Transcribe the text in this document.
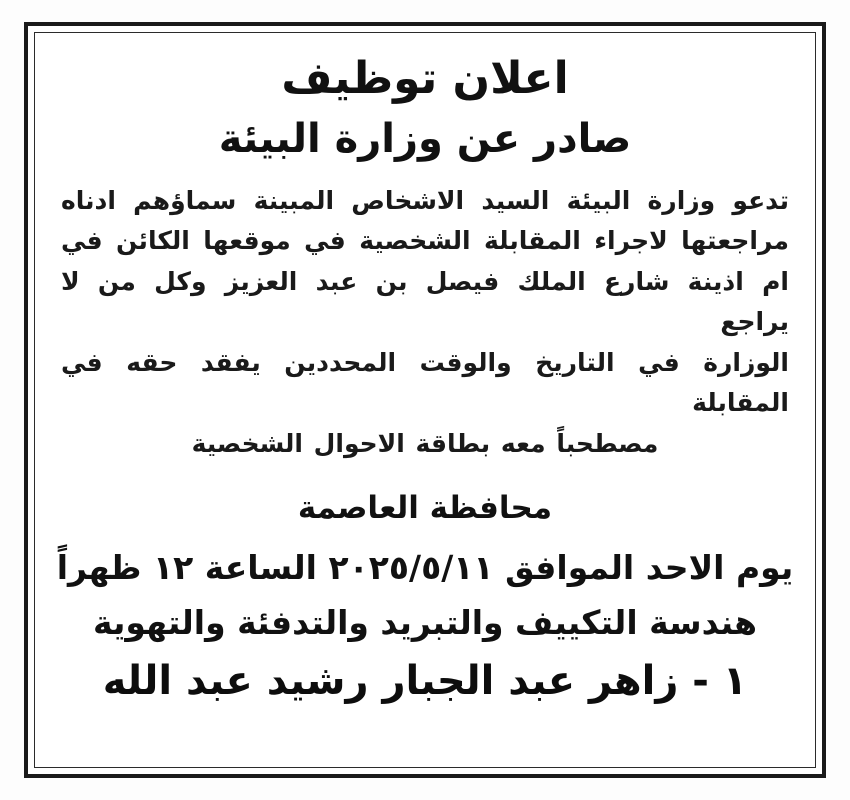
اعلان توظيف
صادر عن وزارة البيئة
تدعو وزارة البيئة السيد الاشخاص المبينة سماؤهم ادناه
مراجعتها لاجراء المقابلة الشخصية في موقعها الكائن في
ام اذينة شارع الملك فيصل بن عبد العزيز وكل من لا يراجع
الوزارة في التاريخ والوقت المحددين يفقد حقه في المقابلة
مصطحباً معه بطاقة الاحوال الشخصية
محافظة العاصمة
يوم الاحد الموافق ٢٠٢٥/٥/١١ الساعة ١٢ ظهراً
هندسة التكييف والتبريد والتدفئة والتهوية
١ - زاهر عبد الجبار رشيد عبد الله
